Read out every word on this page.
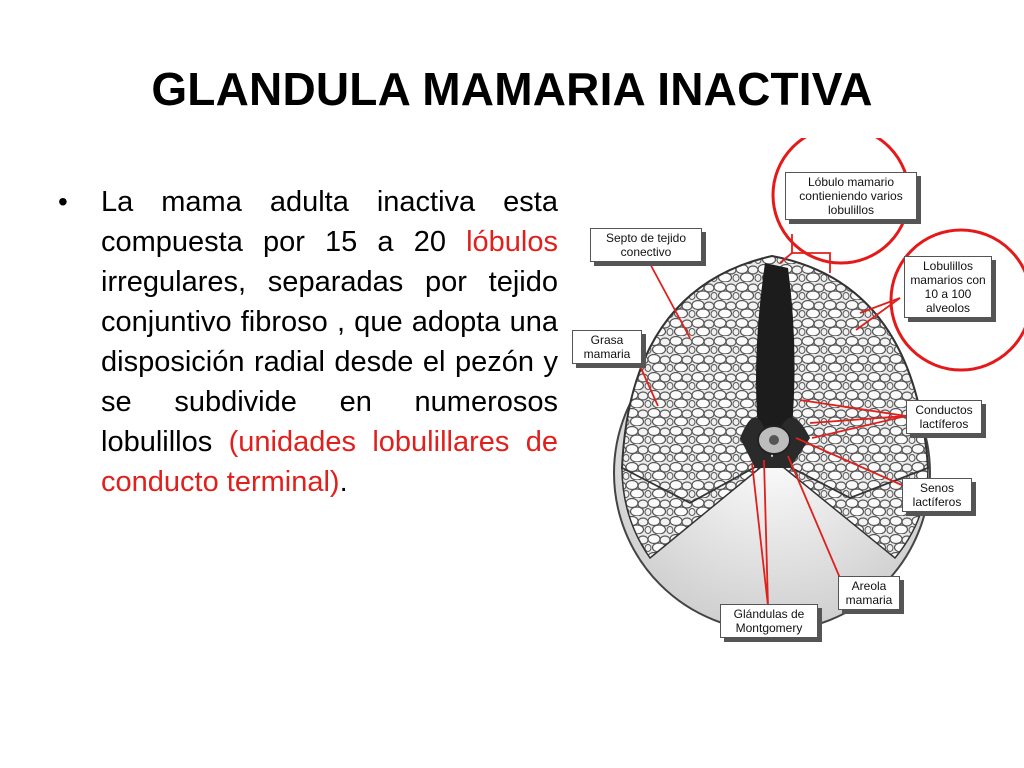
GLANDULA MAMARIA INACTIVA
• La mama adulta inactiva esta compuesta por 15 a 20 lóbulos irregulares, separadas por tejido conjuntivo fibroso , que adopta una disposición radial desde el pezón y se subdivide en numerosos lobulillos (unidades lobulillares de conducto terminal).

Lóbulo mamario contieniendo varios lobulillos
Septo de tejido conectivo
Grasa mamaria
Lobulillos mamarios con 10 a 100 alveolos
Conductos lactíferos
Senos lactíferos
Areola mamaria
Glándulas de Montgomery
